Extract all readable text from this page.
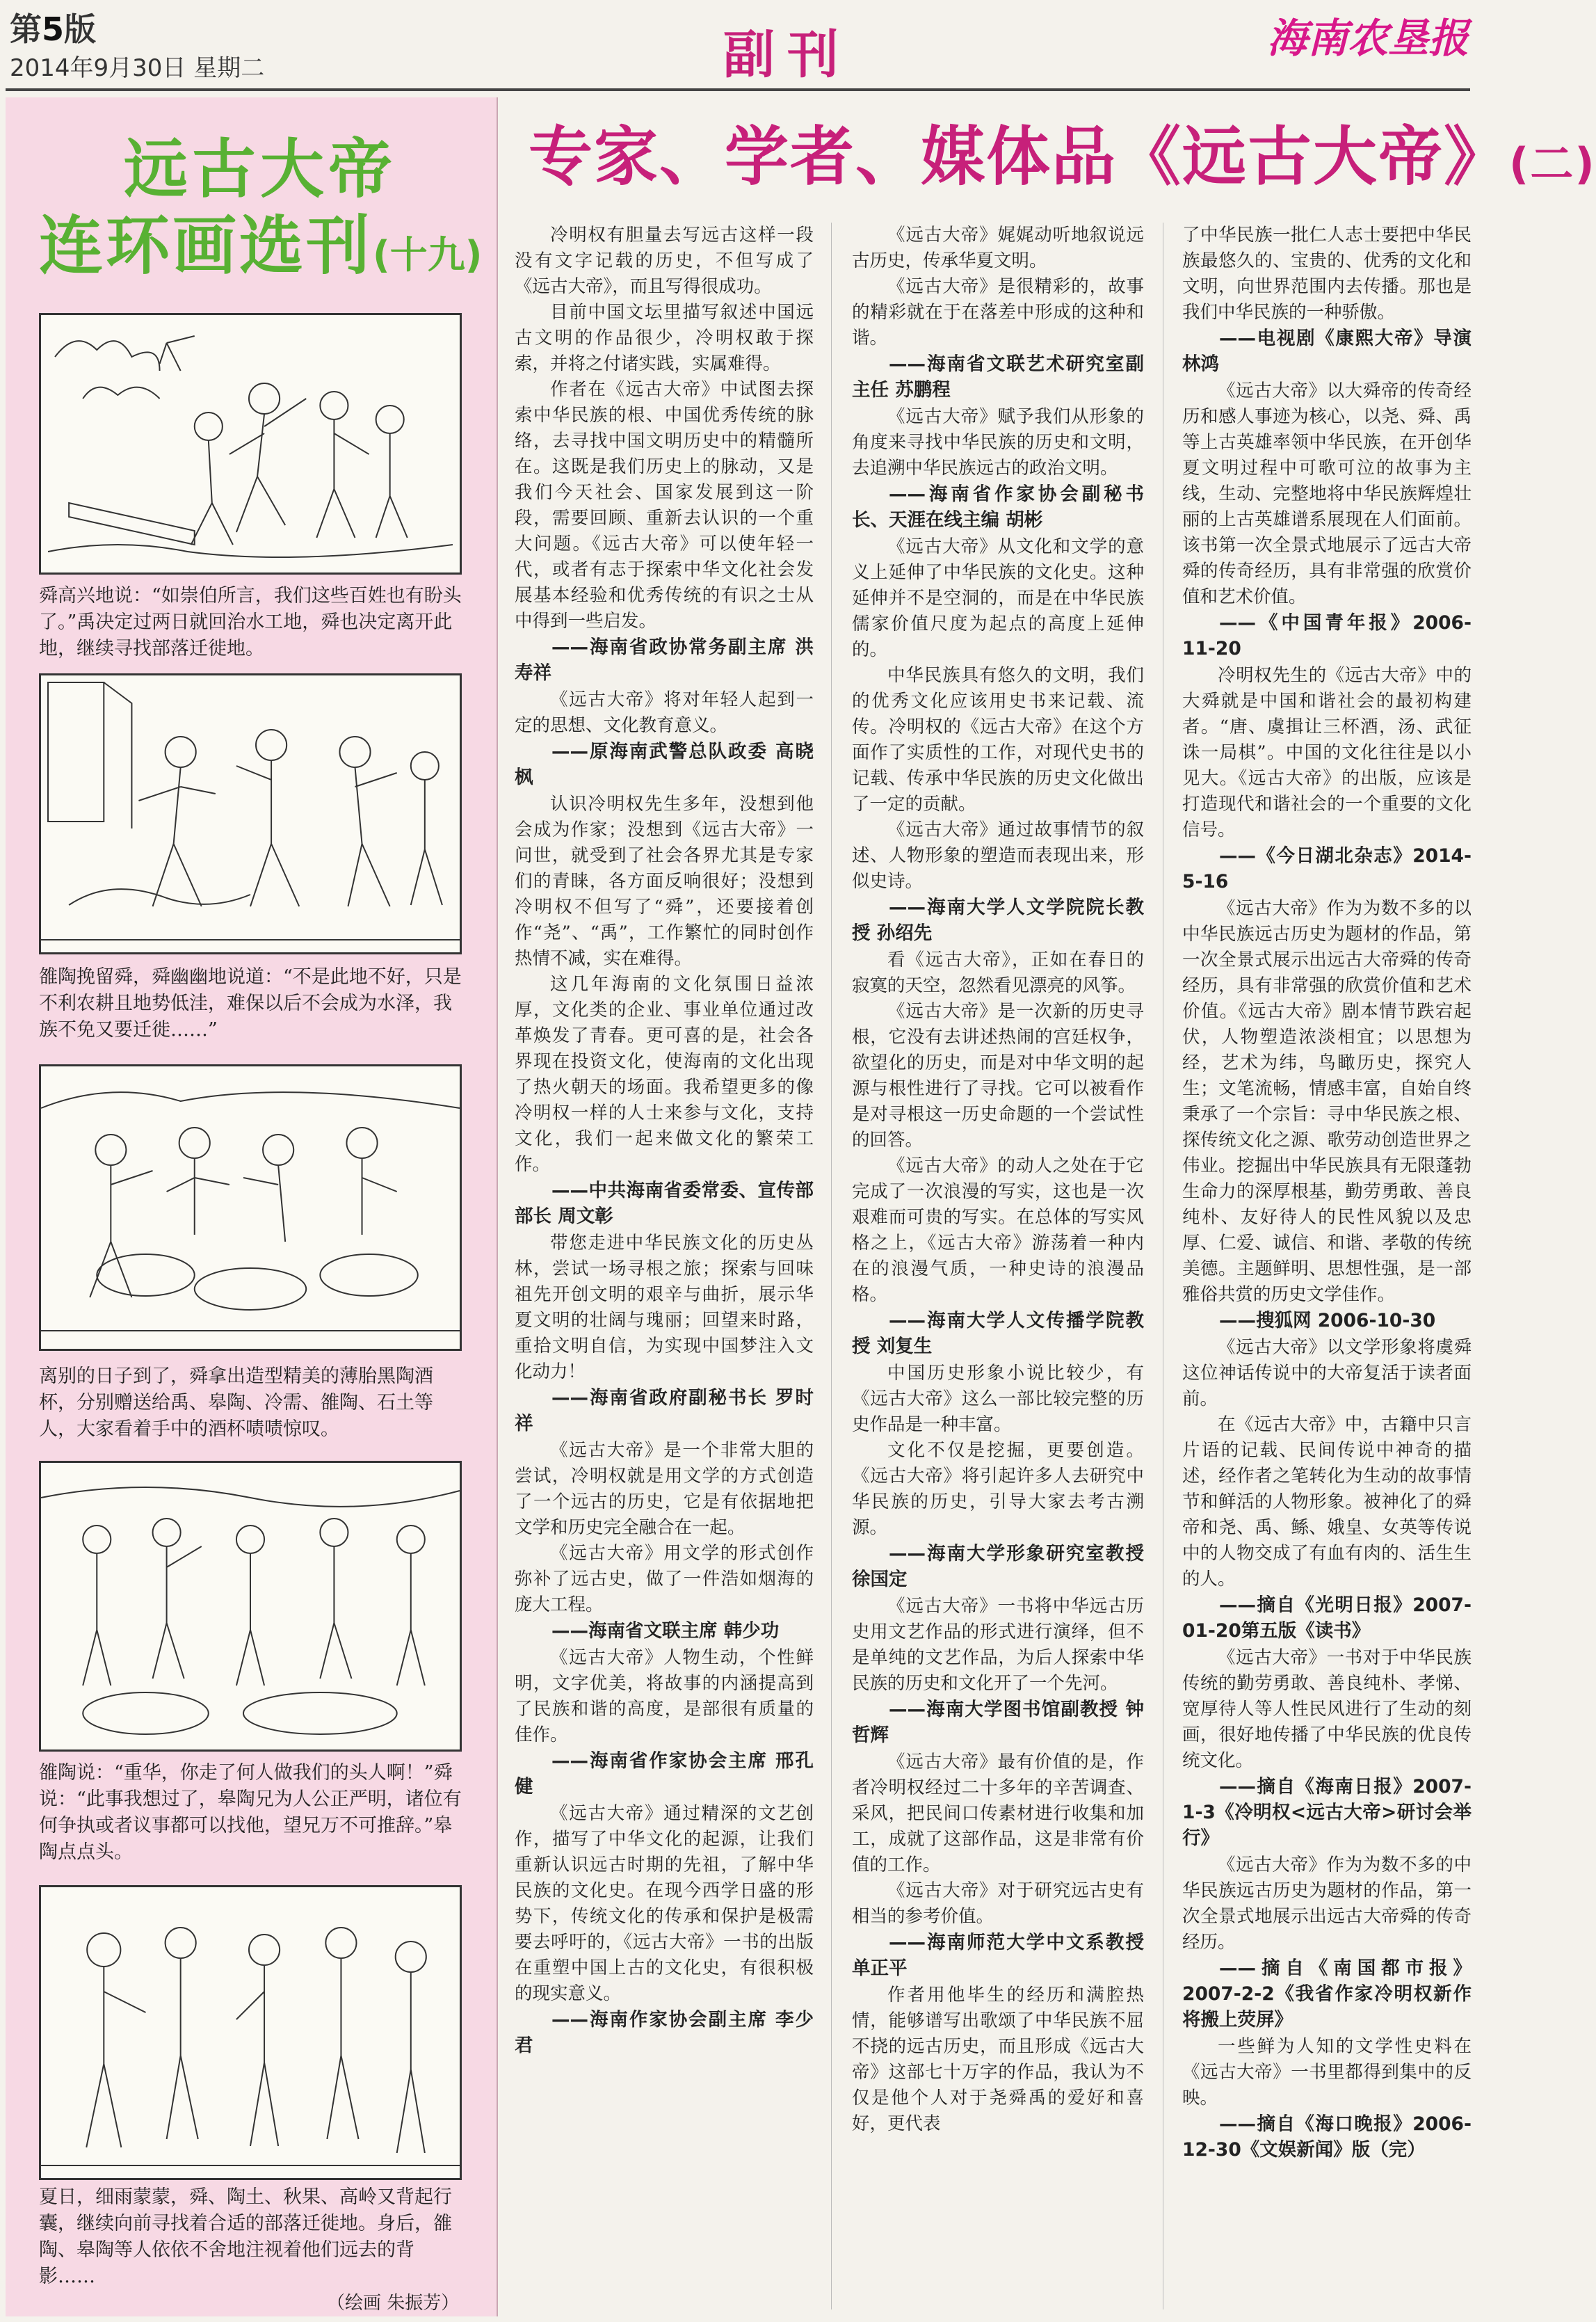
第5版
2014年9月30日 星期二	副刊	海南农垦报
远古大帝
连环画选刊(十九)
舜高兴地说：“如崇伯所言，我们这些百姓也有盼头了。”禹决定过两日就回治水工地，舜也决定离开此地，继续寻找部落迁徙地。
雒陶挽留舜，舜幽幽地说道：“不是此地不好，只是不利农耕且地势低洼，难保以后不会成为水泽，我族不免又要迁徙……”
离别的日子到了，舜拿出造型精美的薄胎黑陶酒杯，分别赠送给禹、皋陶、冷需、雒陶、石土等人，大家看着手中的酒杯啧啧惊叹。
雒陶说：“重华，你走了何人做我们的头人啊！”舜说：“此事我想过了，皋陶兄为人公正严明，诸位有何争执或者议事都可以找他，望兄万不可推辞。”皋陶点点头。
夏日，细雨蒙蒙，舜、陶土、秋果、高岭又背起行囊，继续向前寻找着合适的部落迁徙地。身后，雒陶、皋陶等人依依不舍地注视着他们远去的背影……
（绘画 朱振芳）
专家、学者、媒体品《远古大帝》(二)

冷明权有胆量去写远古这样一段没有文字记载的历史，不但写成了《远古大帝》，而且写得很成功。

目前中国文坛里描写叙述中国远古文明的作品很少，冷明权敢于探索，并将之付诸实践，实属难得。

作者在《远古大帝》中试图去探索中华民族的根、中国优秀传统的脉络，去寻找中国文明历史中的精髓所在。这既是我们历史上的脉动，又是我们今天社会、国家发展到这一阶段，需要回顾、重新去认识的一个重大问题。《远古大帝》可以使年轻一代，或者有志于探索中华文化社会发展基本经验和优秀传统的有识之士从中得到一些启发。

——海南省政协常务副主席 洪寿祥

《远古大帝》将对年轻人起到一定的思想、文化教育意义。

——原海南武警总队政委 高晓枫

认识冷明权先生多年，没想到他会成为作家；没想到《远古大帝》一问世，就受到了社会各界尤其是专家们的青睐，各方面反响很好；没想到冷明权不但写了“舜”，还要接着创作“尧”、“禹”，工作繁忙的同时创作热情不减，实在难得。

这几年海南的文化氛围日益浓厚，文化类的企业、事业单位通过改革焕发了青春。更可喜的是，社会各界现在投资文化，使海南的文化出现了热火朝天的场面。我希望更多的像冷明权一样的人士来参与文化，支持文化，我们一起来做文化的繁荣工作。

——中共海南省委常委、宣传部部长 周文彰

带您走进中华民族文化的历史丛林，尝试一场寻根之旅；探索与回味祖先开创文明的艰辛与曲折，展示华夏文明的壮阔与瑰丽；回望来时路，重拾文明自信，为实现中国梦注入文化动力！

——海南省政府副秘书长 罗时祥

《远古大帝》是一个非常大胆的尝试，冷明权就是用文学的方式创造了一个远古的历史，它是有依据地把文学和历史完全融合在一起。

《远古大帝》用文学的形式创作弥补了远古史，做了一件浩如烟海的庞大工程。

——海南省文联主席 韩少功

《远古大帝》人物生动，个性鲜明，文字优美，将故事的内涵提高到了民族和谐的高度，是部很有质量的佳作。

——海南省作家协会主席 邢孔健

《远古大帝》通过精深的文艺创作，描写了中华文化的起源，让我们重新认识远古时期的先祖，了解中华民族的文化史。在现今西学日盛的形势下，传统文化的传承和保护是极需要去呼吁的，《远古大帝》一书的出版在重塑中国上古的文化史，有很积极的现实意义。

——海南作家协会副主席 李少君

《远古大帝》娓娓动听地叙说远古历史，传承华夏文明。

《远古大帝》是很精彩的，故事的精彩就在于在落差中形成的这种和谐。

——海南省文联艺术研究室副主任 苏鹏程

《远古大帝》赋予我们从形象的角度来寻找中华民族的历史和文明，去追溯中华民族远古的政治文明。

——海南省作家协会副秘书长、天涯在线主编 胡彬

《远古大帝》从文化和文学的意义上延伸了中华民族的文化史。这种延伸并不是空洞的，而是在中华民族儒家价值尺度为起点的高度上延伸的。

中华民族具有悠久的文明，我们的优秀文化应该用史书来记载、流传。冷明权的《远古大帝》在这个方面作了实质性的工作，对现代史书的记载、传承中华民族的历史文化做出了一定的贡献。

《远古大帝》通过故事情节的叙述、人物形象的塑造而表现出来，形似史诗。

——海南大学人文学院院长教授 孙绍先

看《远古大帝》，正如在春日的寂寞的天空，忽然看见漂亮的风筝。

《远古大帝》是一次新的历史寻根，它没有去讲述热闹的宫廷权争，欲望化的历史，而是对中华文明的起源与根性进行了寻找。它可以被看作是对寻根这一历史命题的一个尝试性的回答。

《远古大帝》的动人之处在于它完成了一次浪漫的写实，这也是一次艰难而可贵的写实。在总体的写实风格之上，《远古大帝》游荡着一种内在的浪漫气质，一种史诗的浪漫品格。

——海南大学人文传播学院教授 刘复生

中国历史形象小说比较少，有《远古大帝》这么一部比较完整的历史作品是一种丰富。

文化不仅是挖掘，更要创造。《远古大帝》将引起许多人去研究中华民族的历史，引导大家去考古溯源。

——海南大学形象研究室教授 徐国定

《远古大帝》一书将中华远古历史用文艺作品的形式进行演绎，但不是单纯的文艺作品，为后人探索中华民族的历史和文化开了一个先河。

——海南大学图书馆副教授 钟哲辉

《远古大帝》最有价值的是，作者冷明权经过二十多年的辛苦调查、采风，把民间口传素材进行收集和加工，成就了这部作品，这是非常有价值的工作。

《远古大帝》对于研究远古史有相当的参考价值。

——海南师范大学中文系教授 单正平

作者用他毕生的经历和满腔热情，能够谱写出歌颂了中华民族不屈不挠的远古历史，而且形成《远古大帝》这部七十万字的作品，我认为不仅是他个人对于尧舜禹的爱好和喜好，更代表

了中华民族一批仁人志士要把中华民族最悠久的、宝贵的、优秀的文化和文明，向世界范围内去传播。那也是我们中华民族的一种骄傲。

——电视剧《康熙大帝》导演 林鸿

《远古大帝》以大舜帝的传奇经历和感人事迹为核心，以尧、舜、禹等上古英雄率领中华民族，在开创华夏文明过程中可歌可泣的故事为主线，生动、完整地将中华民族辉煌壮丽的上古英雄谱系展现在人们面前。该书第一次全景式地展示了远古大帝舜的传奇经历，具有非常强的欣赏价值和艺术价值。

——《中国青年报》2006-11-20

冷明权先生的《远古大帝》中的大舜就是中国和谐社会的最初构建者。“唐、虞揖让三杯酒，汤、武征诛一局棋”。中国的文化往往是以小见大。《远古大帝》的出版，应该是打造现代和谐社会的一个重要的文化信号。

——《今日湖北杂志》2014-5-16

《远古大帝》作为为数不多的以中华民族远古历史为题材的作品，第一次全景式展示出远古大帝舜的传奇经历，具有非常强的欣赏价值和艺术价值。《远古大帝》剧本情节跌宕起伏，人物塑造浓淡相宜；以思想为经，艺术为纬，鸟瞰历史，探究人生；文笔流畅，情感丰富，自始自终秉承了一个宗旨：寻中华民族之根、探传统文化之源、歌劳动创造世界之伟业。挖掘出中华民族具有无限蓬勃生命力的深厚根基，勤劳勇敢、善良纯朴、友好待人的民性风貌以及忠厚、仁爱、诚信、和谐、孝敬的传统美德。主题鲜明、思想性强，是一部雅俗共赏的历史文学佳作。

——搜狐网 2006-10-30

《远古大帝》以文学形象将虞舜这位神话传说中的大帝复活于读者面前。

在《远古大帝》中，古籍中只言片语的记载、民间传说中神奇的描述，经作者之笔转化为生动的故事情节和鲜活的人物形象。被神化了的舜帝和尧、禹、鲧、娥皇、女英等传说中的人物交成了有血有肉的、活生生的人。

——摘自《光明日报》2007-01-20第五版《读书》

《远古大帝》一书对于中华民族传统的勤劳勇敢、善良纯朴、孝悌、宽厚待人等人性民风进行了生动的刻画，很好地传播了中华民族的优良传统文化。

——摘自《海南日报》2007-1-3《冷明权<远古大帝>研讨会举行》

《远古大帝》作为为数不多的中华民族远古历史为题材的作品，第一次全景式地展示出远古大帝舜的传奇经历。

——摘自《南国都市报》2007-2-2《我省作家冷明权新作将搬上荧屏》

一些鲜为人知的文学性史料在《远古大帝》一书里都得到集中的反映。

——摘自《海口晚报》2006-12-30《文娱新闻》版（完）
